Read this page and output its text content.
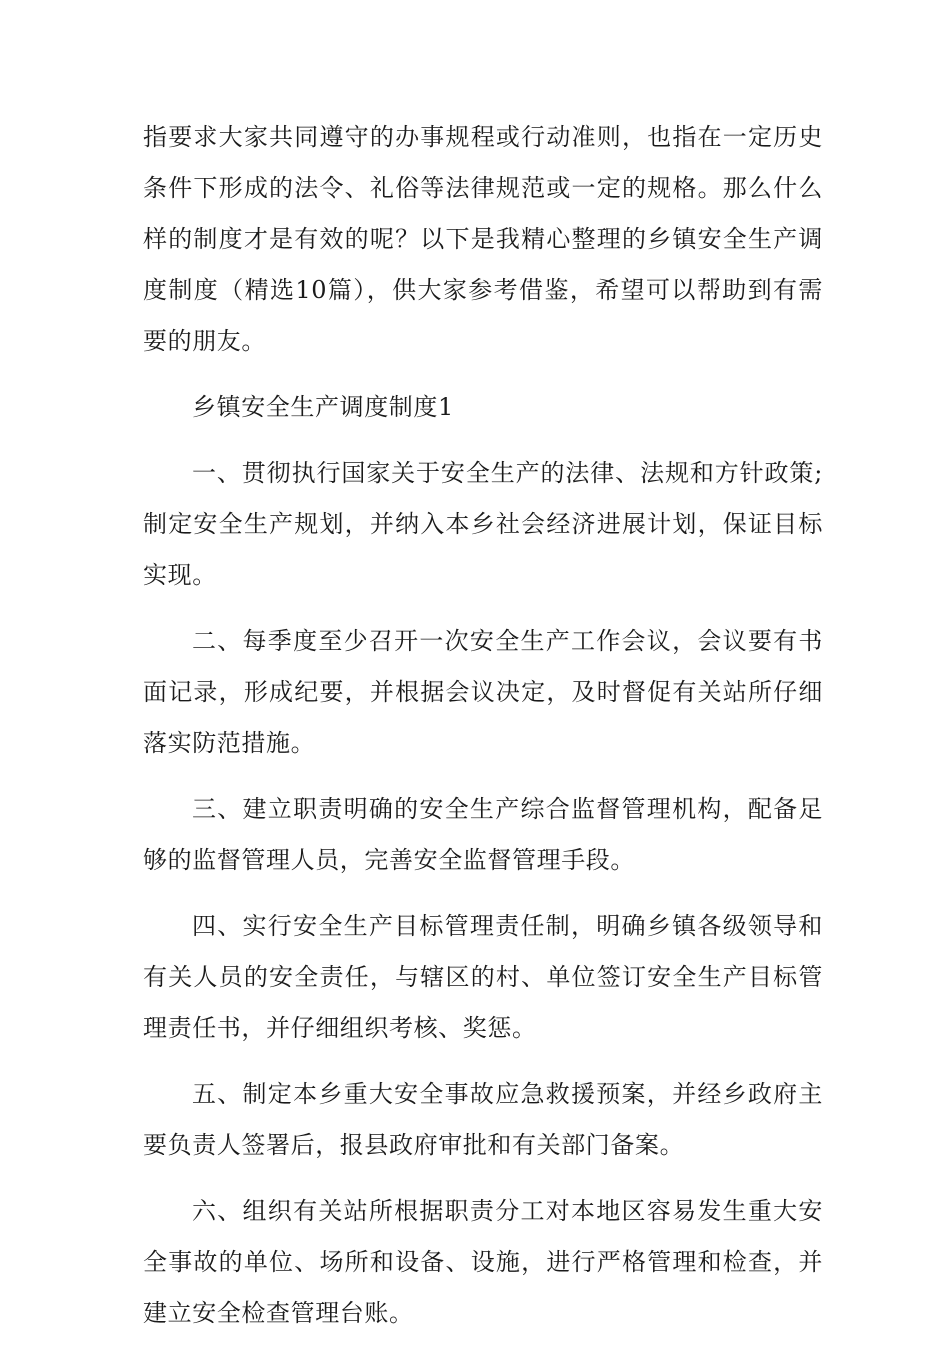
指要求大家共同遵守的办事规程或行动准则，也指在一定历史条件下形成的法令、礼俗等法律规范或一定的规格。那么什么样的制度才是有效的呢？以下是我精心整理的乡镇安全生产调度制度（精选10篇），供大家参考借鉴，希望可以帮助到有需要的朋友。

乡镇安全生产调度制度1

一、贯彻执行国家关于安全生产的法律、法规和方针政策;制定安全生产规划，并纳入本乡社会经济进展计划，保证目标实现。

二、每季度至少召开一次安全生产工作会议，会议要有书面记录，形成纪要，并根据会议决定，及时督促有关站所仔细落实防范措施。

三、建立职责明确的安全生产综合监督管理机构，配备足够的监督管理人员，完善安全监督管理手段。

四、实行安全生产目标管理责任制，明确乡镇各级领导和有关人员的安全责任，与辖区的村、单位签订安全生产目标管理责任书，并仔细组织考核、奖惩。

五、制定本乡重大安全事故应急救援预案，并经乡政府主要负责人签署后，报县政府审批和有关部门备案。

六、组织有关站所根据职责分工对本地区容易发生重大安全事故的单位、场所和设备、设施，进行严格管理和检查，并建立安全检查管理台账。
